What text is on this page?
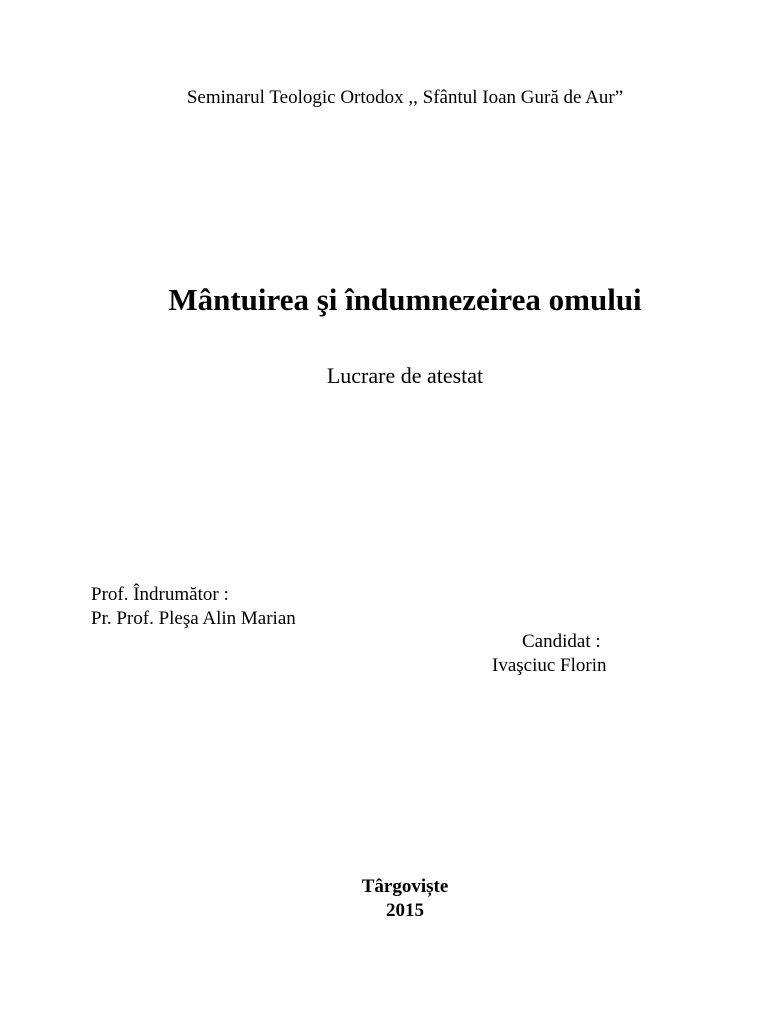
Seminarul Teologic Ortodox ,, Sfântul Ioan Gură de Aur”
Mântuirea şi îndumnezeirea omului
Lucrare de atestat
Prof. Îndrumător :
Pr. Prof. Pleşa Alin Marian
Candidat :
Ivaşciuc Florin
Târgoviște
2015
